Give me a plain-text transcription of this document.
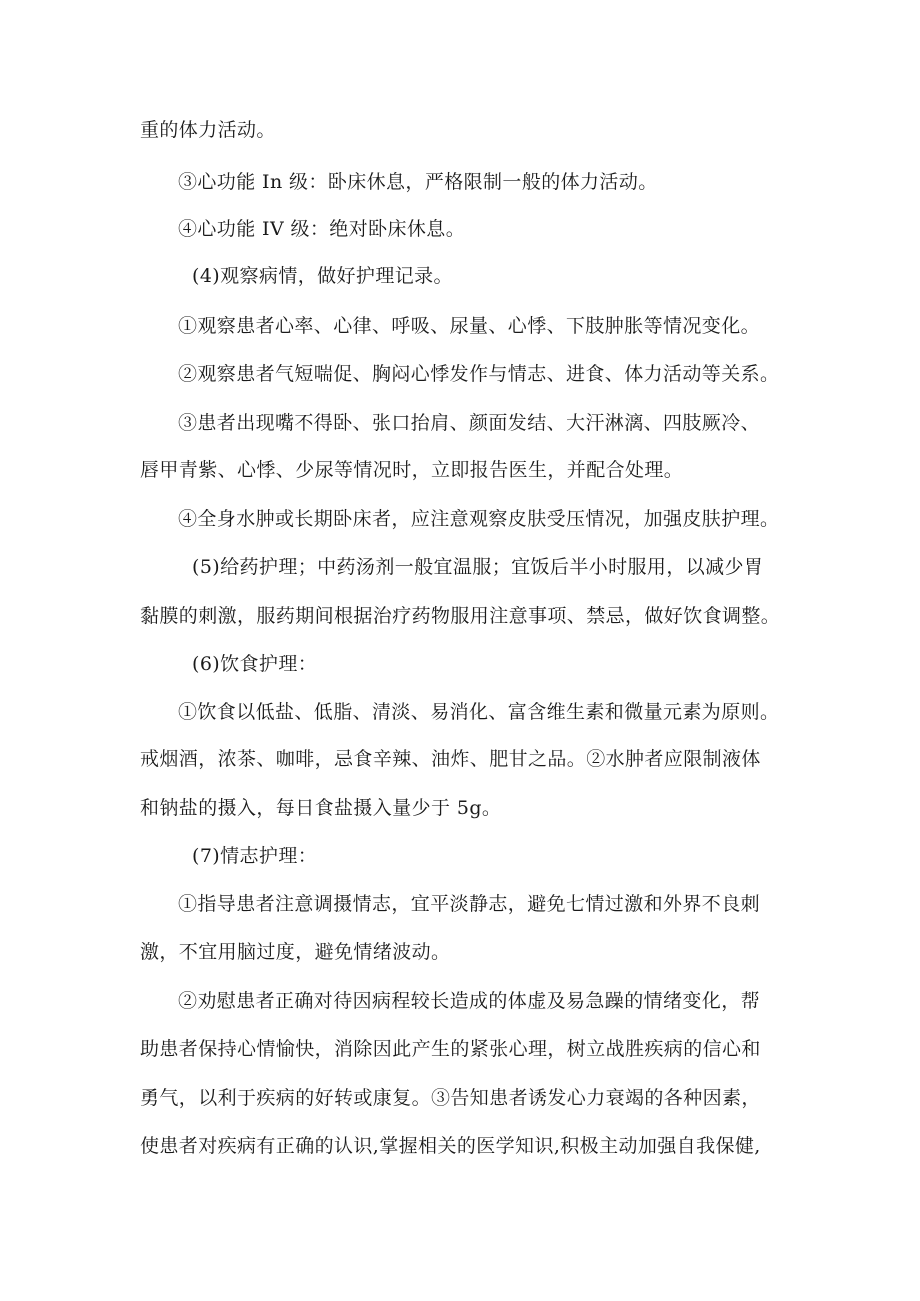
重的体力活动。
③心功能 In 级：卧床休息，严格限制一般的体力活动。
④心功能 IV 级：绝对卧床休息。
(4)观察病情，做好护理记录。
①观察患者心率、心律、呼吸、尿量、心悸、下肢肿胀等情况变化。
②观察患者气短喘促、胸闷心悸发作与情志、进食、体力活动等关系。
③患者出现嘴不得卧、张口抬肩、颜面发结、大汗淋漓、四肢厥冷、
唇甲青紫、心悸、少尿等情况时，立即报告医生，并配合处理。
④全身水肿或长期卧床者，应注意观察皮肤受压情况，加强皮肤护理。
(5)给药护理；中药汤剂一般宜温服；宜饭后半小时服用，以减少胃
黏膜的刺激，服药期间根据治疗药物服用注意事项、禁忌，做好饮食调整。
(6)饮食护理：
①饮食以低盐、低脂、清淡、易消化、富含维生素和微量元素为原则。
戒烟酒，浓茶、咖啡，忌食辛辣、油炸、肥甘之品。②水肿者应限制液体
和钠盐的摄入，每日食盐摄入量少于 5g。
(7)情志护理：
①指导患者注意调摄情志，宜平淡静志，避免七情过激和外界不良刺
激，不宜用脑过度，避免情绪波动。
②劝慰患者正确对待因病程较长造成的体虚及易急躁的情绪变化，帮
助患者保持心情愉快，消除因此产生的紧张心理，树立战胜疾病的信心和
勇气，以利于疾病的好转或康复。③告知患者诱发心力衰竭的各种因素，
使患者对疾病有正确的认识,掌握相关的医学知识,积极主动加强自我保健,
